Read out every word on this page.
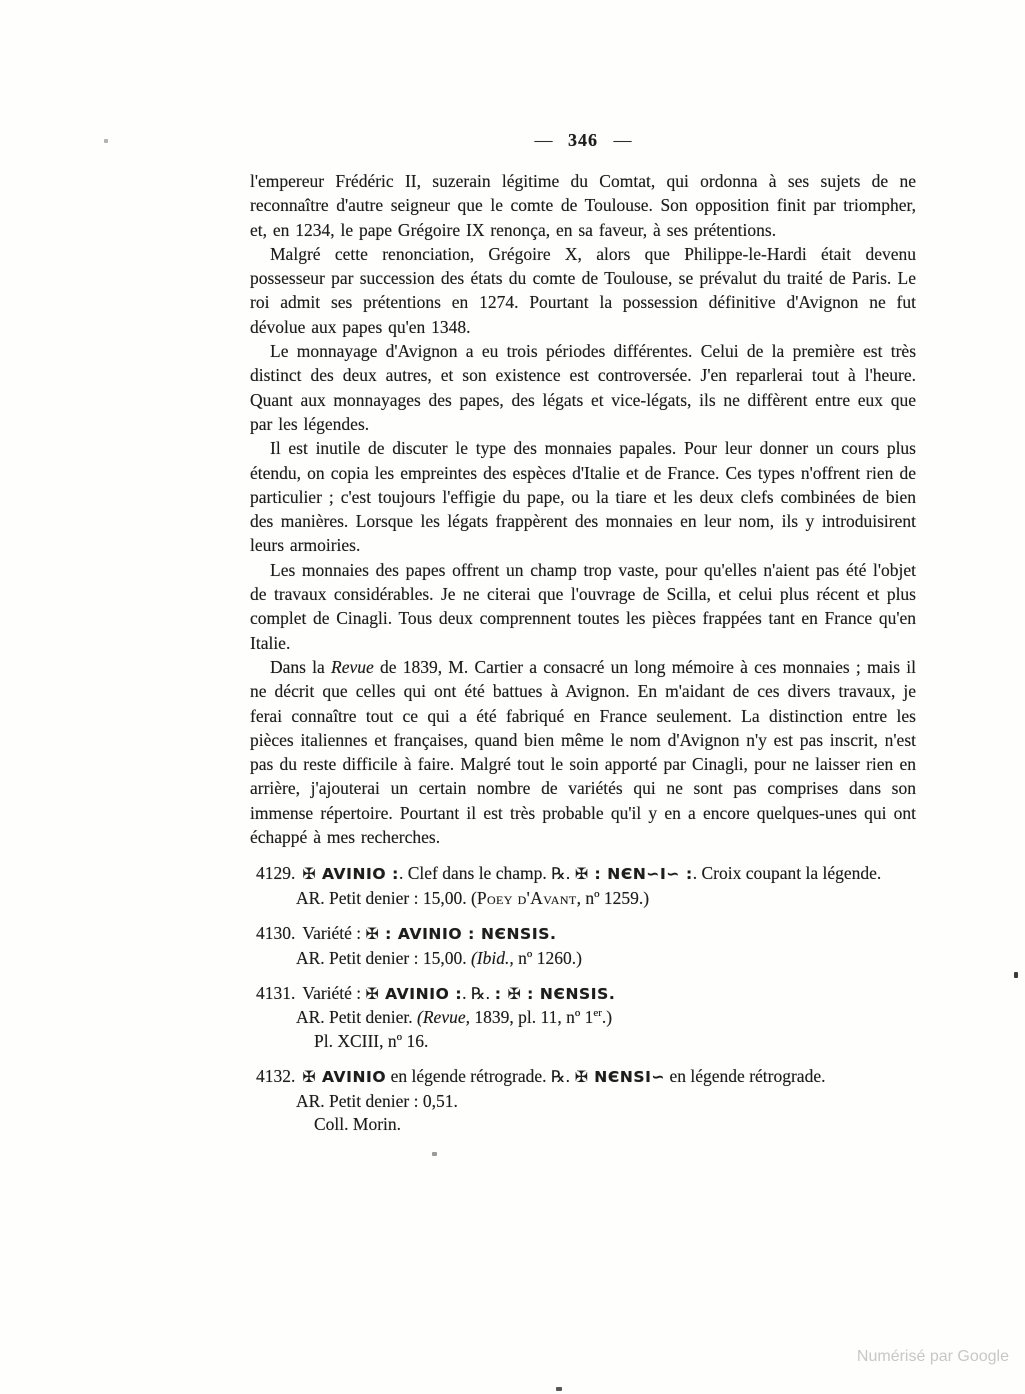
— 346 —

l'empereur Frédéric II, suzerain légitime du Comtat, qui ordonna à ses sujets de ne reconnaître d'autre seigneur que le comte de Toulouse. Son opposition finit par triompher, et, en 1234, le pape Grégoire IX renonça, en sa faveur, à ses prétentions.

Malgré cette renonciation, Grégoire X, alors que Philippe-le-Hardi était devenu possesseur par succession des états du comte de Toulouse, se prévalut du traité de Paris. Le roi admit ses prétentions en 1274. Pourtant la possession définitive d'Avignon ne fut dévolue aux papes qu'en 1348.

Le monnayage d'Avignon a eu trois périodes différentes. Celui de la première est très distinct des deux autres, et son existence est controversée. J'en reparlerai tout à l'heure. Quant aux monnayages des papes, des légats et vice-légats, ils ne diffèrent entre eux que par les légendes.

Il est inutile de discuter le type des monnaies papales. Pour leur donner un cours plus étendu, on copia les empreintes des espèces d'Italie et de France. Ces types n'offrent rien de particulier ; c'est toujours l'effigie du pape, ou la tiare et les deux clefs combinées de bien des manières. Lorsque les légats frappèrent des monnaies en leur nom, ils y introduisirent leurs armoiries.

Les monnaies des papes offrent un champ trop vaste, pour qu'elles n'aient pas été l'objet de travaux considérables. Je ne citerai que l'ouvrage de Scilla, et celui plus récent et plus complet de Cinagli. Tous deux comprennent toutes les pièces frappées tant en France qu'en Italie.

Dans la Revue de 1839, M. Cartier a consacré un long mémoire à ces monnaies ; mais il ne décrit que celles qui ont été battues à Avignon. En m'aidant de ces divers travaux, je ferai connaître tout ce qui a été fabriqué en France seulement. La distinction entre les pièces italiennes et françaises, quand bien même le nom d'Avignon n'y est pas inscrit, n'est pas du reste difficile à faire. Malgré tout le soin apporté par Cinagli, pour ne laisser rien en arrière, j'ajouterai un certain nombre de variétés qui ne sont pas comprises dans son immense répertoire. Pourtant il est très probable qu'il y en a encore quelques-unes qui ont échappé à mes recherches.

4129. ✠ AVINIO :. Clef dans le champ. ℞. ✠ : NЄN∽I∽ :. Croix coupant la légende.
AR. Petit denier : 15,00. (Poey d'Avant, nº 1259.)
4130. Variété : ✠ : AVINIO : NЄNSIS.
AR. Petit denier : 15,00. (Ibid., nº 1260.)
4131. Variété : ✠ AVINIO :. ℞. : ✠ : NЄNSIS.
AR. Petit denier. (Revue, 1839, pl. 11, nº 1er.)
Pl. XCIII, nº 16.
4132. ✠ AVINIO en légende rétrograde. ℞. ✠ NЄNSI∽ en légende rétrograde.
AR. Petit denier : 0,51.
Coll. Morin.
Numérisé par Google
